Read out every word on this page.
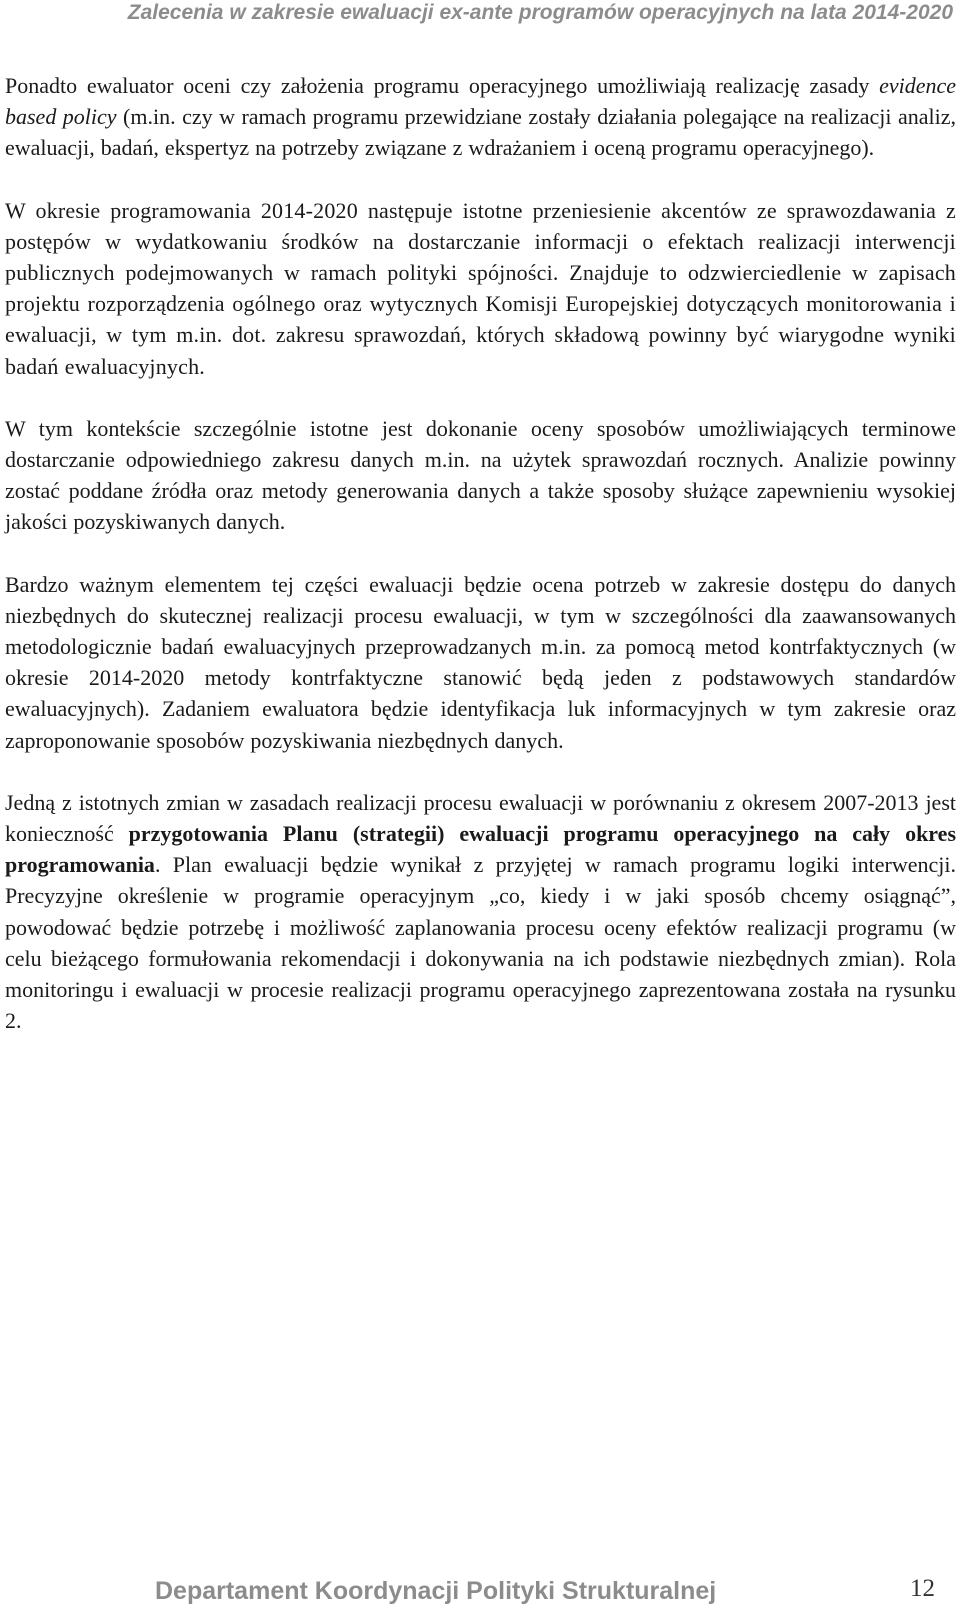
Zalecenia w zakresie ewaluacji ex-ante programów operacyjnych na lata 2014-2020

Ponadto ewaluator oceni czy założenia programu operacyjnego umożliwiają realizację zasady evidence based policy (m.in. czy w ramach programu przewidziane zostały działania polegające na realizacji analiz, ewaluacji, badań, ekspertyz na potrzeby związane z wdrażaniem i oceną programu operacyjnego).

W okresie programowania 2014-2020 następuje istotne przeniesienie akcentów ze sprawozdawania z postępów w wydatkowaniu środków na dostarczanie informacji o efektach realizacji interwencji publicznych podejmowanych w ramach polityki spójności. Znajduje to odzwierciedlenie w zapisach projektu rozporządzenia ogólnego oraz wytycznych Komisji Europejskiej dotyczących monitorowania i ewaluacji, w tym m.in. dot. zakresu sprawozdań, których składową powinny być wiarygodne wyniki badań ewaluacyjnych.

W tym kontekście szczególnie istotne jest dokonanie oceny sposobów umożliwiających terminowe dostarczanie odpowiedniego zakresu danych m.in. na użytek sprawozdań rocznych. Analizie powinny zostać poddane źródła oraz metody generowania danych a także sposoby służące zapewnieniu wysokiej jakości pozyskiwanych danych.

Bardzo ważnym elementem tej części ewaluacji będzie ocena potrzeb w zakresie dostępu do danych niezbędnych do skutecznej realizacji procesu ewaluacji, w tym w szczególności dla zaawansowanych metodologicznie badań ewaluacyjnych przeprowadzanych m.in. za pomocą metod kontrfaktycznych (w okresie 2014-2020 metody kontrfaktyczne stanowić będą jeden z podstawowych standardów ewaluacyjnych). Zadaniem ewaluatora będzie identyfikacja luk informacyjnych w tym zakresie oraz zaproponowanie sposobów pozyskiwania niezbędnych danych.

Jedną z istotnych zmian w zasadach realizacji procesu ewaluacji w porównaniu z okresem 2007-2013 jest konieczność przygotowania Planu (strategii) ewaluacji programu operacyjnego na cały okres programowania. Plan ewaluacji będzie wynikał z przyjętej w ramach programu logiki interwencji. Precyzyjne określenie w programie operacyjnym „co, kiedy i w jaki sposób chcemy osiągnąć”, powodować będzie potrzebę i możliwość zaplanowania procesu oceny efektów realizacji programu (w celu bieżącego formułowania rekomendacji i dokonywania na ich podstawie niezbędnych zmian). Rola monitoringu i ewaluacji w procesie realizacji programu operacyjnego zaprezentowana została na rysunku 2.

Departament Koordynacji Polityki Strukturalnej	12
